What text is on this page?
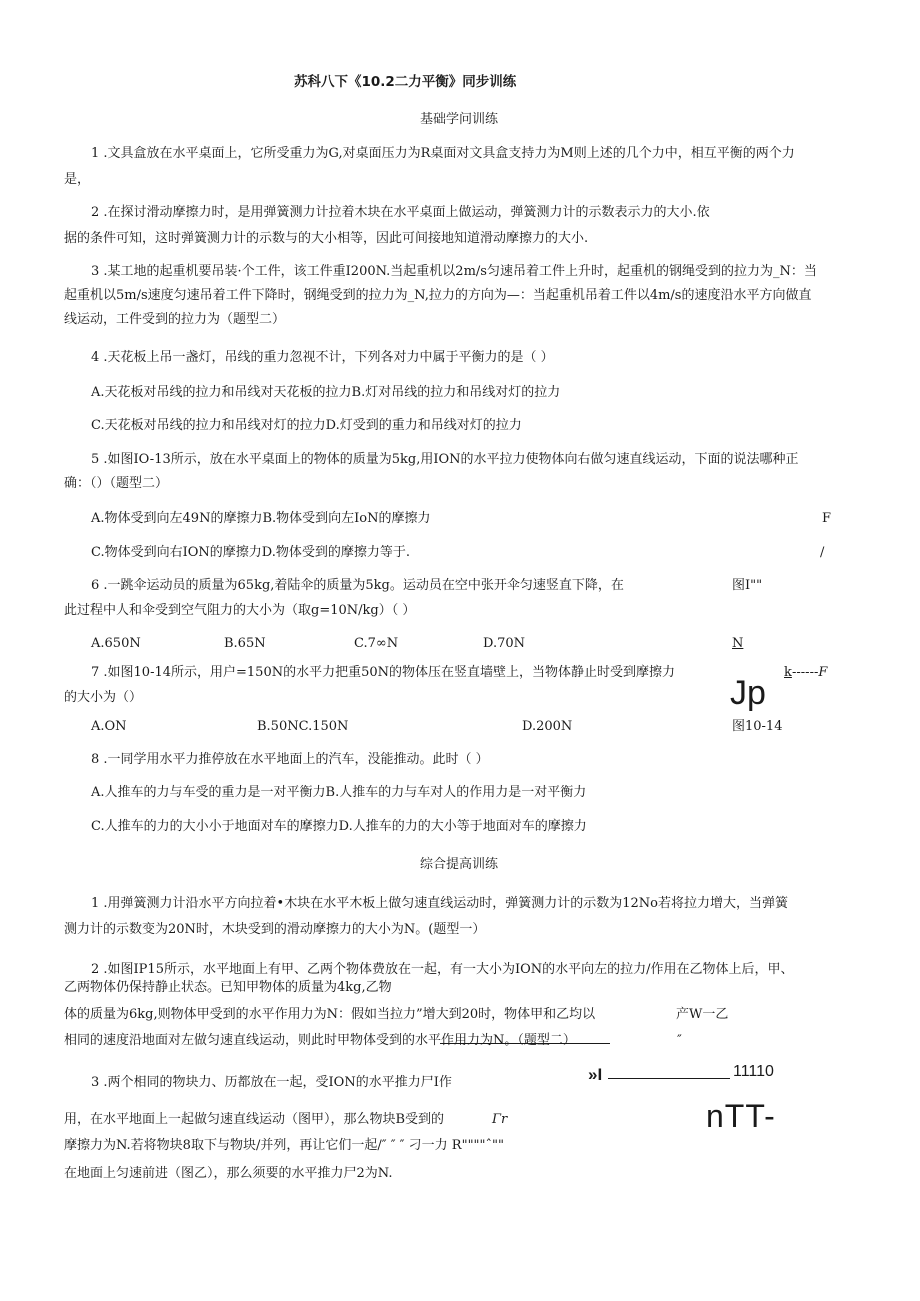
苏科八下《10.2二力平衡》同步训练
基础学问训练
1 .文具盒放在水平桌面上，它所受重力为G,对桌面压力为R桌面对文具盒支持力为M则上述的几个力中，相互平衡的两个力
是，
2 .在探讨滑动摩擦力时，是用弹簧测力计拉着木块在水平桌面上做运动，弹簧测力计的示数表示力的大小.依
据的条件可知，这时弹簧测力计的示数与的大小相等，因此可间接地知道滑动摩擦力的大小.
3 .某工地的起重机要吊装·个工件，该工件重I200N.当起重机以2m/s匀速吊着工件上升时，起重机的钢绳受到的拉力为_N：当
起重机以5m/s速度匀速吊着工件下降时，钢绳受到的拉力为_N,拉力的方向为—：当起重机吊着工件以4m/s的速度沿水平方向做直
线运动，工件受到的拉力为（题型二）
4 .天花板上吊一盏灯，吊线的重力忽视不计，下列各对力中属于平衡力的是（ ）
A.天花板对吊线的拉力和吊线对天花板的拉力B.灯对吊线的拉力和吊线对灯的拉力
C.天花板对吊线的拉力和吊线对灯的拉力D.灯受到的重力和吊线对灯的拉力
5 .如图IO-13所示，放在水平桌面上的物体的质量为5kg,用ION的水平拉力使物体向右做匀速直线运动，下面的说法哪种正
确：（）（题型二）
A.物体受到向左49N的摩擦力B.物体受到向左IoN的摩擦力	F
C.物体受到向右ION的摩擦力D.物体受到的摩擦力等于.	/
6 .一跳伞运动员的质量为65kg,着陆伞的质量为5kg。运动员在空中张开伞匀速竖直下降，在	图I""
此过程中人和伞受到空气阻力的大小为（取g=10N/kg）（ ）
A.650N	B.65N	C.7∞N	D.70N	N
7 .如图10-14所示，用户=150N的水平力把重50N的物体压在竖直墙壁上，当物体静止时受到摩擦力
Jp
k ------F
的大小为（）
A.ON	B.50NC.150N	D.200N	图10-14
8 .一同学用水平力推停放在水平地面上的汽车，没能推动。此时（ ）
A.人推车的力与车受的重力是一对平衡力B.人推车的力与车对人的作用力是一对平衡力
C.人推车的力的大小小于地面对车的摩擦力D.人推车的力的大小等于地面对车的摩擦力
综合提高训练
1 .用弹簧测力计沿水平方向拉着•木块在水平木板上做匀速直线运动时，弹簧测力计的示数为12No若将拉力增大，当弹簧
测力计的示数变为20N时，木块受到的滑动摩擦力的大小为N。(题型一）
2 .如图IP15所示，水平地面上有甲、乙两个物体费放在一起，有一大小为ION的水平向左的拉力/作用在乙物体上后，甲、
乙两物体仍保持静止状态。已知甲物体的质量为4kg,乙物
体的质量为6kg,则物体甲受到的水平作用力为N：假如当拉力”增大到20时，物体甲和乙均以	产W一乙
相同的速度沿地面对左做匀速直线运动，则此时甲物体受到的水平作用力为N。（题型二）	″
3 .两个相同的物块力、历都放在一起，受ION的水平推力尸I作	»I	11110
用，在水平地面上一起做匀速直线运动（图甲），那么物块B受到的	Γr	nTT-
摩擦力为N.若将物块8取下与物块/并列，再让它们一起/″ ″ ″ 刁一力 R""""ˆ""
在地面上匀速前进（图乙），那么须要的水平推力尸2为N.
